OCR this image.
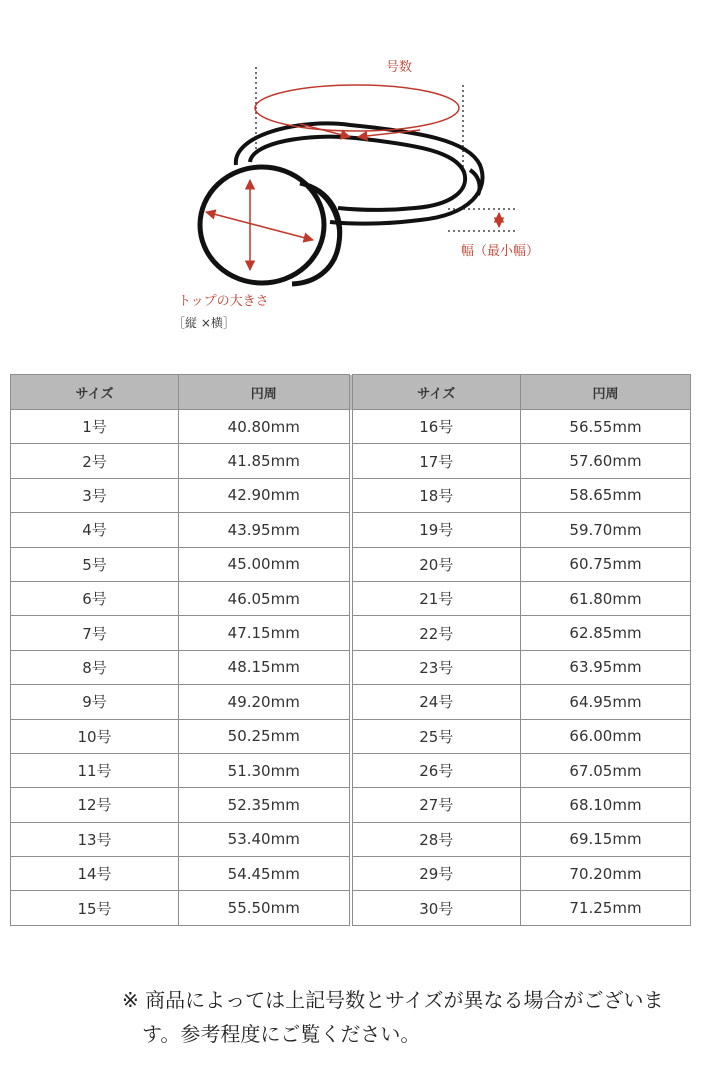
号数
幅（最小幅）
トップの大きさ
［縦 ×横］
サイズ	円周	サイズ	円周
1号	40.80mm	16号	56.55mm
2号	41.85mm	17号	57.60mm
3号	42.90mm	18号	58.65mm
4号	43.95mm	19号	59.70mm
5号	45.00mm	20号	60.75mm
6号	46.05mm	21号	61.80mm
7号	47.15mm	22号	62.85mm
8号	48.15mm	23号	63.95mm
9号	49.20mm	24号	64.95mm
10号	50.25mm	25号	66.00mm
11号	51.30mm	26号	67.05mm
12号	52.35mm	27号	68.10mm
13号	53.40mm	28号	69.15mm
14号	54.45mm	29号	70.20mm
15号	55.50mm	30号	71.25mm
※ 商品によっては上記号数とサイズが異なる場合がございま
す。参考程度にご覧ください。
